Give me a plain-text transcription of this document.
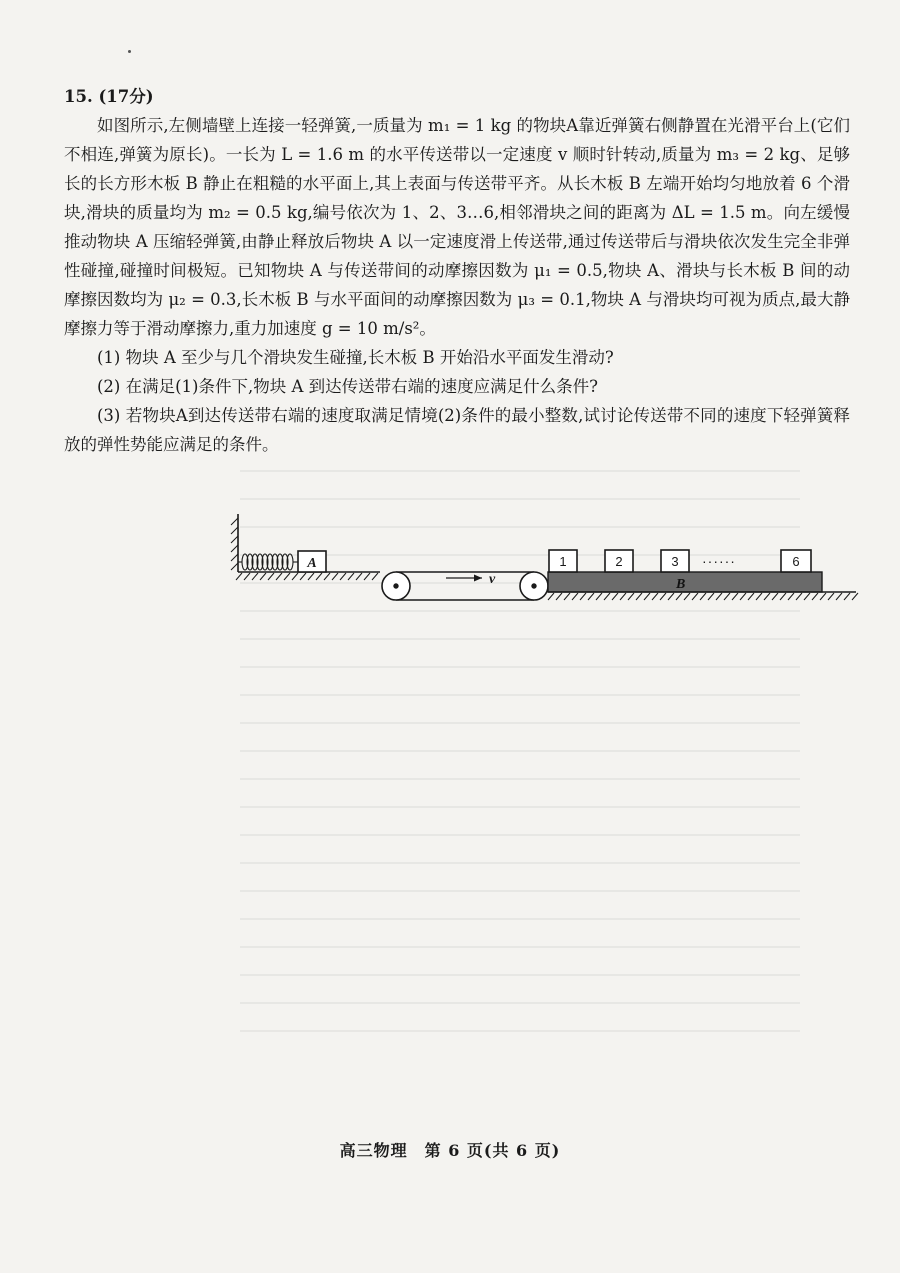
15. (17分)

如图所示,左侧墙壁上连接一轻弹簧,一质量为 m₁ = 1 kg 的物块A靠近弹簧右侧静置在光滑平台上(它们不相连,弹簧为原长)。一长为 L = 1.6 m 的水平传送带以一定速度 v 顺时针转动,质量为 m₃ = 2 kg、足够长的长方形木板 B 静止在粗糙的水平面上,其上表面与传送带平齐。从长木板 B 左端开始均匀地放着 6 个滑块,滑块的质量均为 m₂ = 0.5 kg,编号依次为 1、2、3…6,相邻滑块之间的距离为 ΔL = 1.5 m。向左缓慢推动物块 A 压缩轻弹簧,由静止释放后物块 A 以一定速度滑上传送带,通过传送带后与滑块依次发生完全非弹性碰撞,碰撞时间极短。已知物块 A 与传送带间的动摩擦因数为 μ₁ = 0.5,物块 A、滑块与长木板 B 间的动摩擦因数均为 μ₂ = 0.3,长木板 B 与水平面间的动摩擦因数为 μ₃ = 0.1,物块 A 与滑块均可视为质点,最大静摩擦力等于滑动摩擦力,重力加速度 g = 10 m/s²。

(1) 物块 A 至少与几个滑块发生碰撞,长木板 B 开始沿水平面发生滑动?

(2) 在满足(1)条件下,物块 A 到达传送带右端的速度应满足什么条件?

(3) 若物块A到达传送带右端的速度取满足情境(2)条件的最小整数,试讨论传送带不同的速度下轻弹簧释放的弹性势能应满足的条件。

A
v	B
1	2	3 ······	6
高三物理　第 6 页(共 6 页)
